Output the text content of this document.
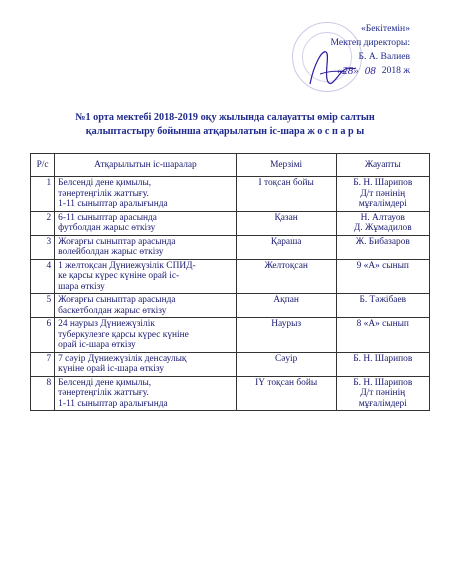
«Бекітемін»
Мектеп директоры:
Б. А. Валиев
«28» 08 2018 ж
№1 орта мектебі 2018-2019 оқу жылында салауатты өмір салтын
қалыптастыру бойынша атқарылатын іс-шара ж о с п а р ы
Р/с	Атқарылытын іс-шаралар	Мерзімі	Жауапты
1	Белсенді дене қимылы,
тәнертеңгілік жаттығу.
1-11 сыныптар аралығында	І тоқсан бойы	Б. Н. Шарипов
Д/т пәнінің
мұғалімдері

2	6-11 сыныптар арасында
футболдан жарыс өткізу	Қазан	Н. Алтауов
Д. Жұмадилов

3	Жоғарғы сыныптар арасында
волейболдан жарыс өткізу	Қараша	Ж. Бибазаров

4	1 желтоқсан Дүниежүзілік СПИД-
ке қарсы күрес күніне орай іс-
шара өткізу	Желтоқсан	9 «А» сынып

5	Жоғарғы сыныптар арасында
баскетболдан жарыс өткізу	Ақпан	Б. Тәжібаев

6	24 наурыз Дүниежүзілік
туберкулезге қарсы күрес күніне
орай іс-шара өткізу	Наурыз	8 «А» сынып

7	7 сәуір Дүниежүзілік денсаулық
күніне орай іс-шара өткізу	Сәуір	Б. Н. Шарипов

8	Белсенді дене қимылы,
тәнертеңгілік жаттығу.
1-11 сыныптар аралығында	ІҮ тоқсан бойы	Б. Н. Шарипов
Д/т пәнінің
мұғалімдері
